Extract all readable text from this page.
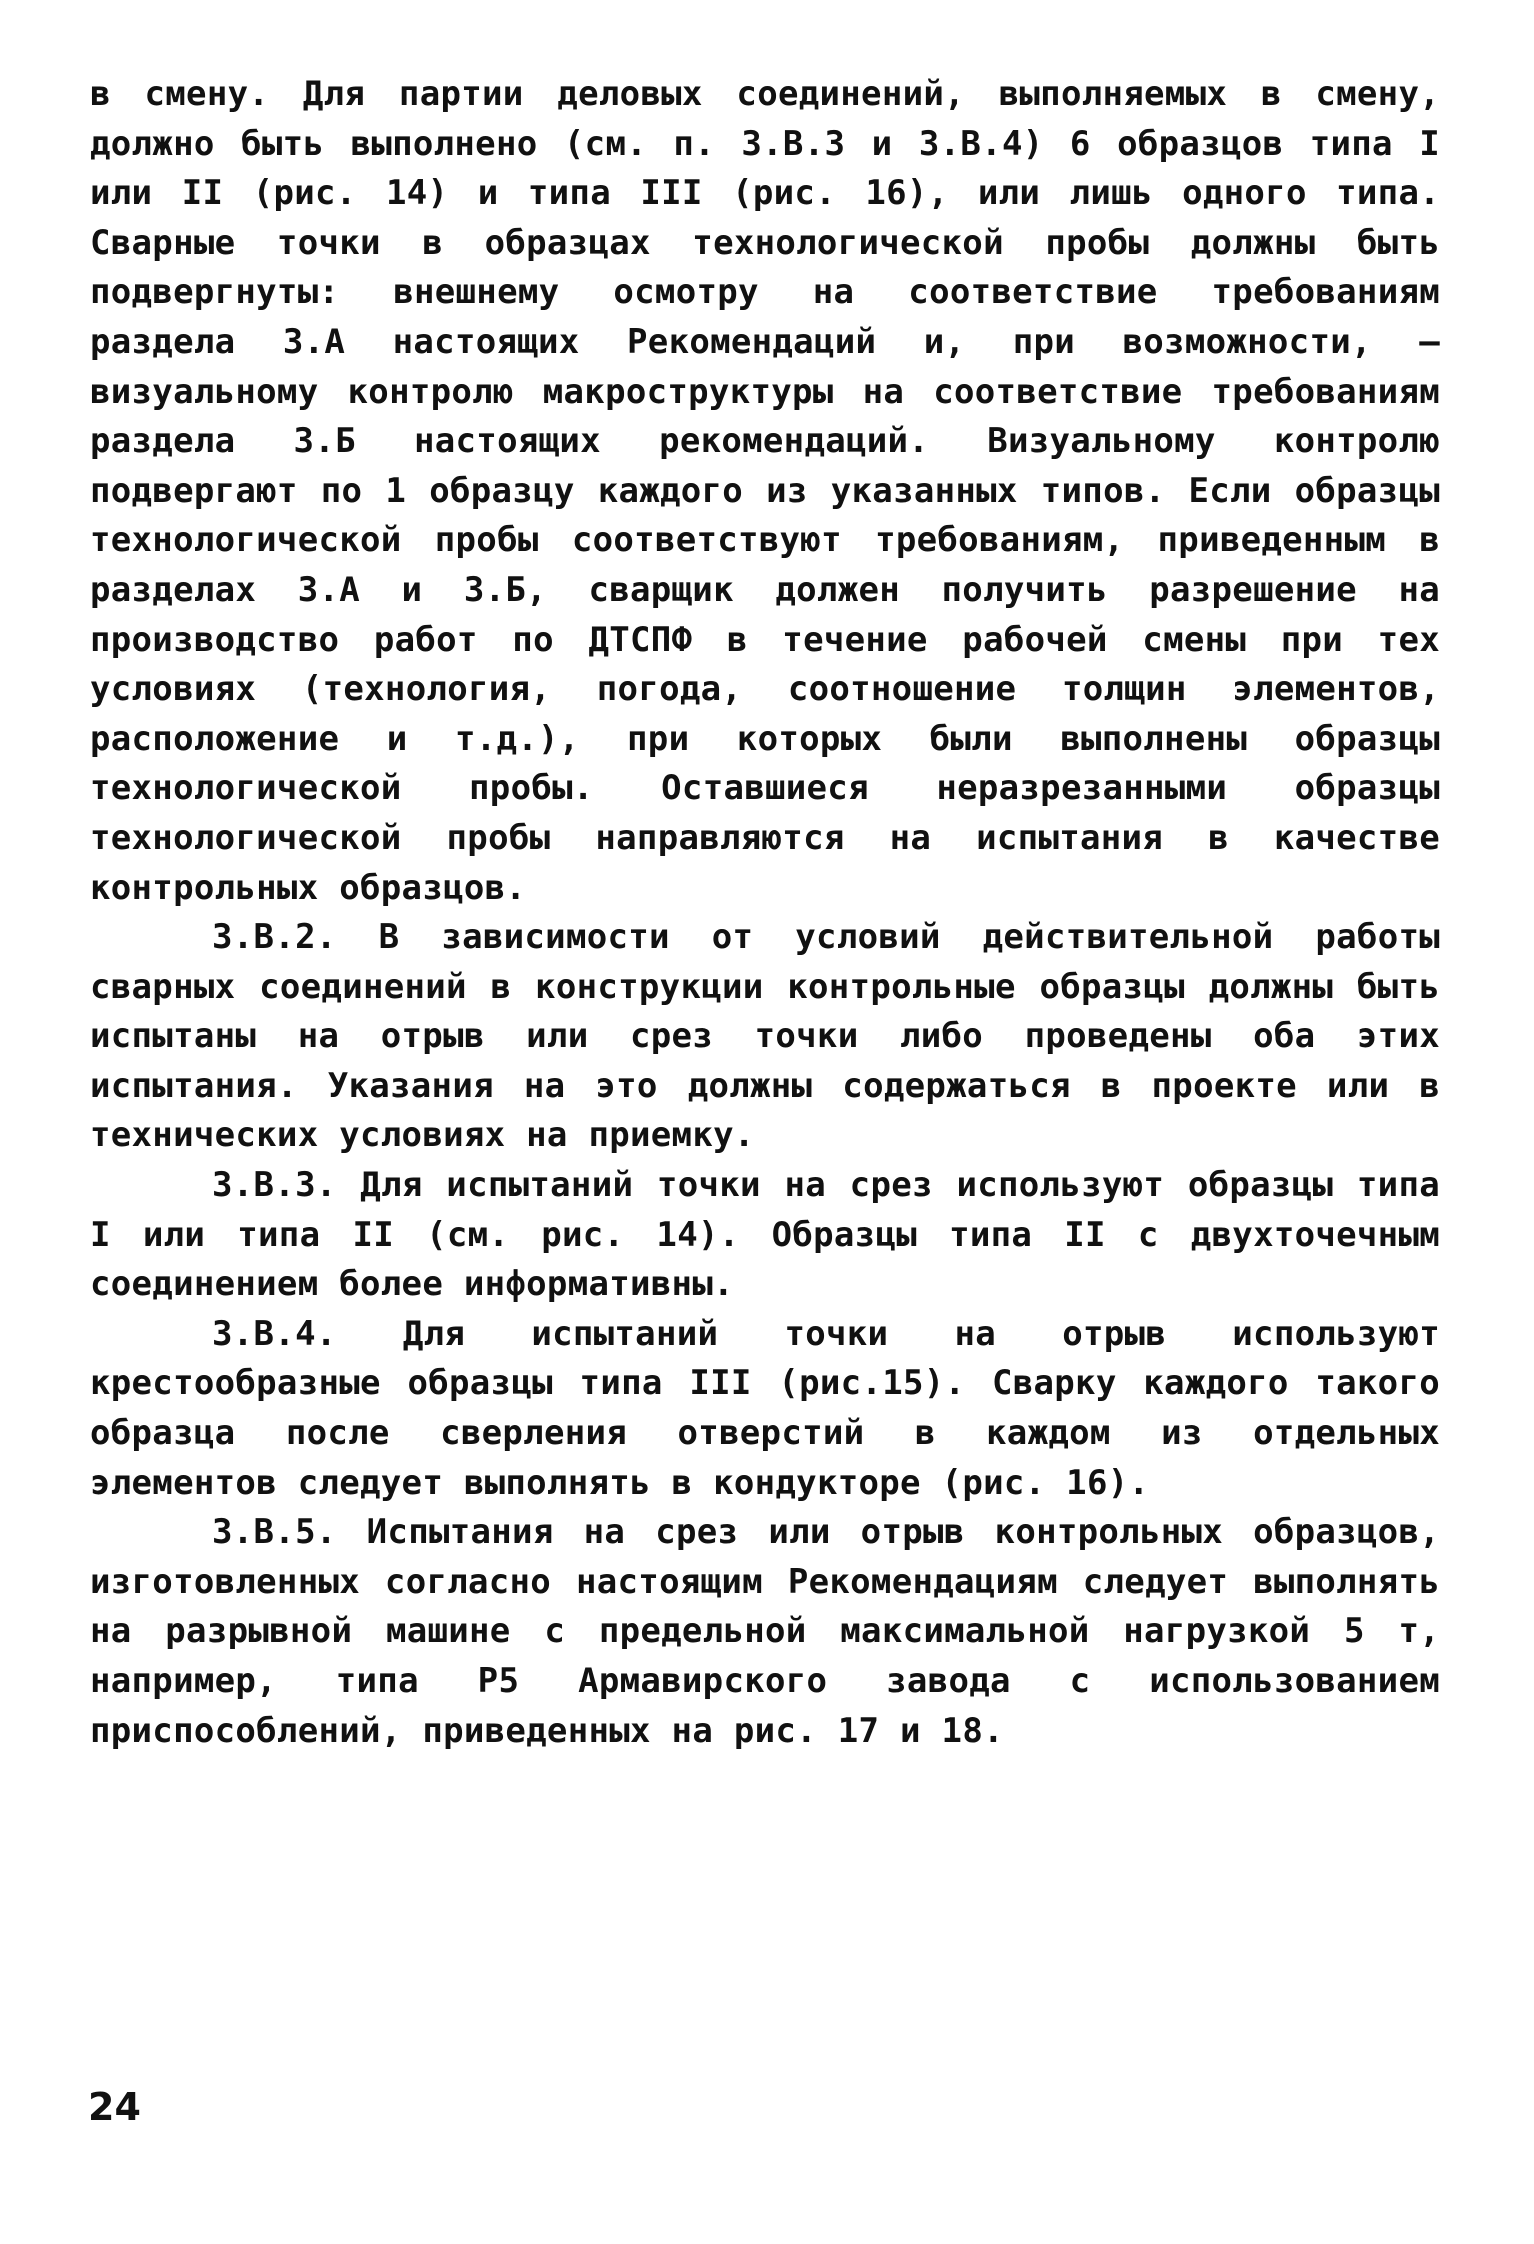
в смену. Для партии деловых соединений, выполняемых в смену, должно быть выполнено (см. п. 3.В.3 и 3.В.4) 6 образцов типа I или II (рис. 14) и типа III (рис. 16), или лишь одного типа. Сварные точки в образцах технологической пробы должны быть подвергнуты: внешнему осмотру на соответствие требованиям раздела 3.А настоящих Рекомендаций и, при возможности, – визуальному контролю макроструктуры на соответствие требованиям раздела 3.Б настоящих рекомендаций. Визуальному контролю подвергают по 1 образцу каждого из указанных типов. Если образцы технологической пробы соответствуют требованиям, приведенным в разделах 3.А и 3.Б, сварщик должен получить разрешение на производство работ по ДТСПФ в течение рабочей смены при тех условиях (технология, погода, соотношение толщин элементов, расположение и т.д.), при которых были выполнены образцы технологической пробы. Оставшиеся неразрезанными образцы технологической пробы направляются на испытания в качестве контрольных образцов.

3.В.2. В зависимости от условий действительной работы сварных соединений в конструкции контрольные образцы должны быть испытаны на отрыв или срез точки либо проведены оба этих испытания. Указания на это должны содержаться в проекте или в технических условиях на приемку.

3.В.3. Для испытаний точки на срез используют образцы типа I или типа II (см. рис. 14). Образцы типа II с двухточечным соединением более информативны.

3.В.4. Для испытаний точки на отрыв используют крестообразные образцы типа III (рис.15). Сварку каждого такого образца после сверления отверстий в каждом из отдельных элементов следует выполнять в кондукторе (рис. 16).

3.В.5. Испытания на срез или отрыв контрольных образцов, изготовленных согласно настоящим Рекомендациям следует выполнять на разрывной машине с предельной максимальной нагрузкой 5 т, например, типа Р5 Армавирского завода с использованием приспособлений, приведенных на рис. 17 и 18.

24
